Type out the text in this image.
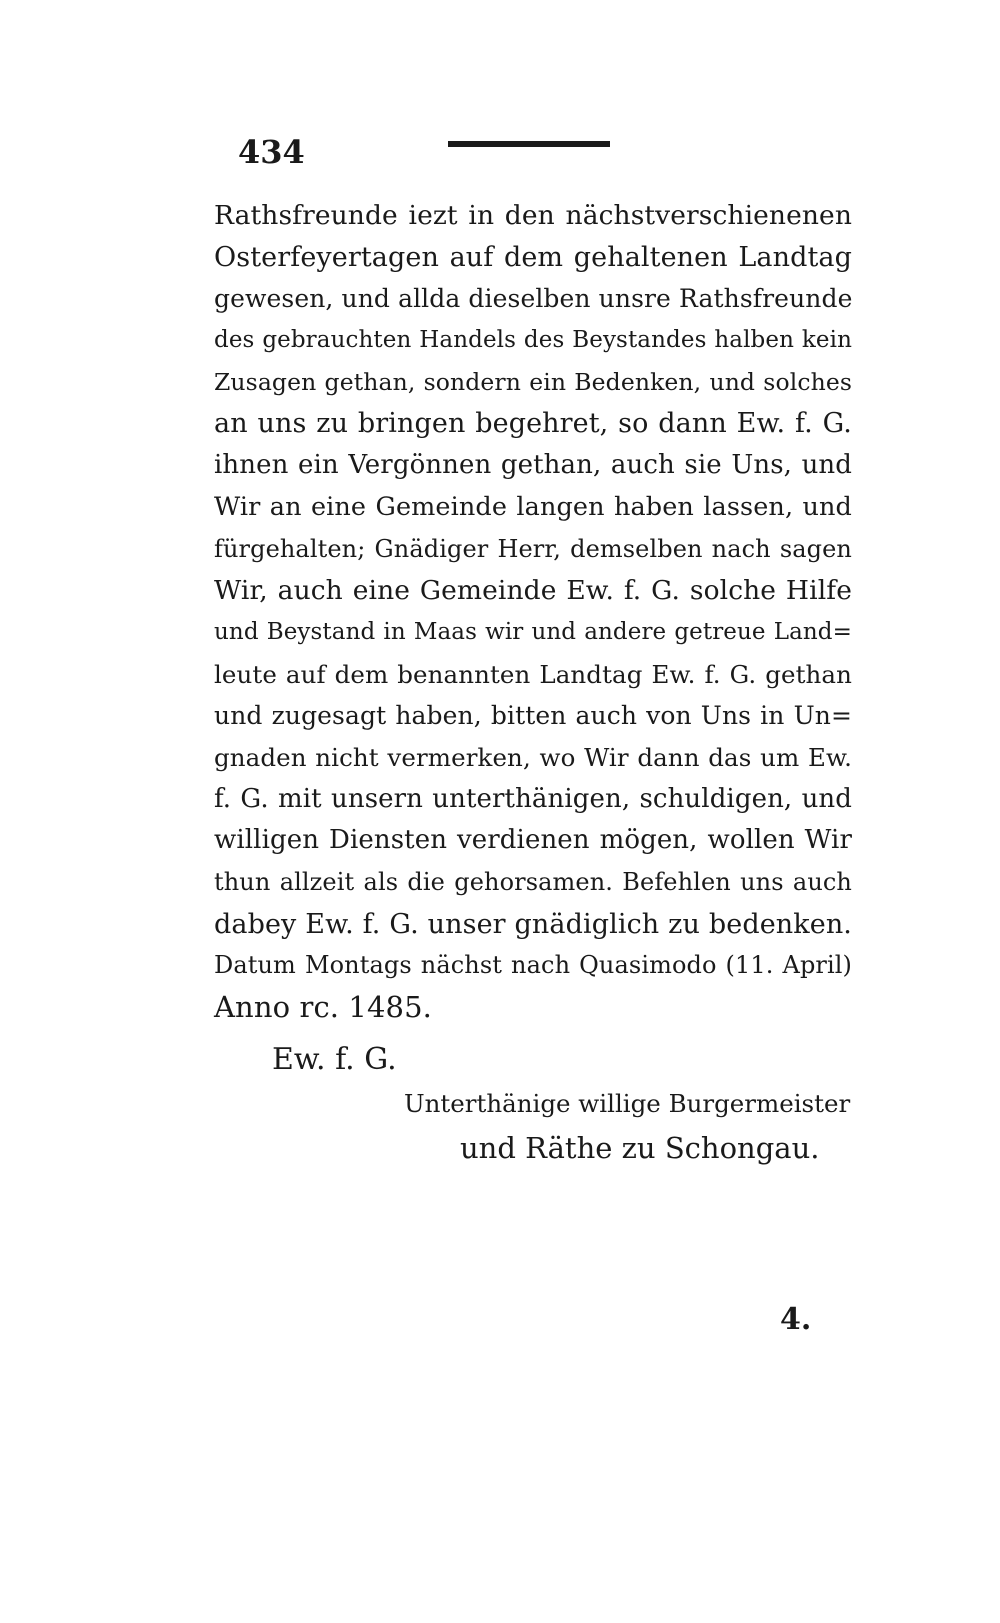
434
Rathsfreunde iezt in den nächstverschienenen
Osterfeyertagen auf dem gehaltenen Landtag
gewesen, und allda dieselben unsre Rathsfreunde
des gebrauchten Handels des Beystandes halben kein
Zusagen gethan, sondern ein Bedenken, und solches
an uns zu bringen begehret, so dann Ew. f. G.
ihnen ein Vergönnen gethan, auch sie Uns, und
Wir an eine Gemeinde langen haben lassen, und
fürgehalten; Gnädiger Herr, demselben nach sagen
Wir, auch eine Gemeinde Ew. f. G. solche Hilfe
und Beystand in Maas wir und andere getreue Land=
leute auf dem benannten Landtag Ew. f. G. gethan
und zugesagt haben, bitten auch von Uns in Un=
gnaden nicht vermerken, wo Wir dann das um Ew.
f. G. mit unsern unterthänigen, schuldigen, und
willigen Diensten verdienen mögen, wollen Wir
thun allzeit als die gehorsamen. Befehlen uns auch
dabey Ew. f. G. unser gnädiglich zu bedenken.
Datum Montags nächst nach Quasimodo (11. April)
Anno rc. 1485.
Ew. f. G.
Unterthänige willige Burgermeister
und Räthe zu Schongau.
4.
